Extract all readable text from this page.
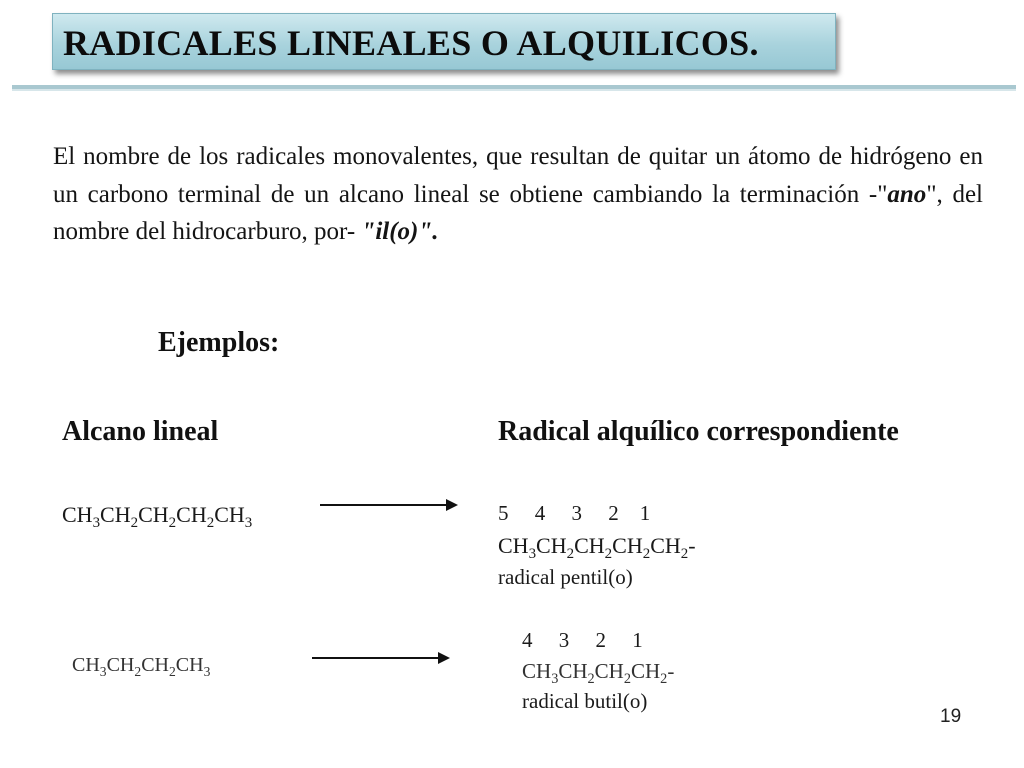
RADICALES LINEALES O ALQUILICOS.
El nombre de los radicales monovalentes, que resultan de quitar un átomo de hidrógeno en un carbono terminal de un alcano lineal se obtiene cambiando la terminación -"ano", del nombre del hidrocarburo, por- "il(o)".
Ejemplos:
Alcano lineal	Radical alquílico correspondiente
$CH_3CH_2CH_2CH_2CH_3$	5     4     3     2    1
$CH_3CH_2CH_2CH_2CH_2-$
radical pentil(o)
$CH_3CH_2CH_2CH_3$
4     3     2     1
$CH_3CH_2CH_2CH_2-$
radical butil(o)
19
